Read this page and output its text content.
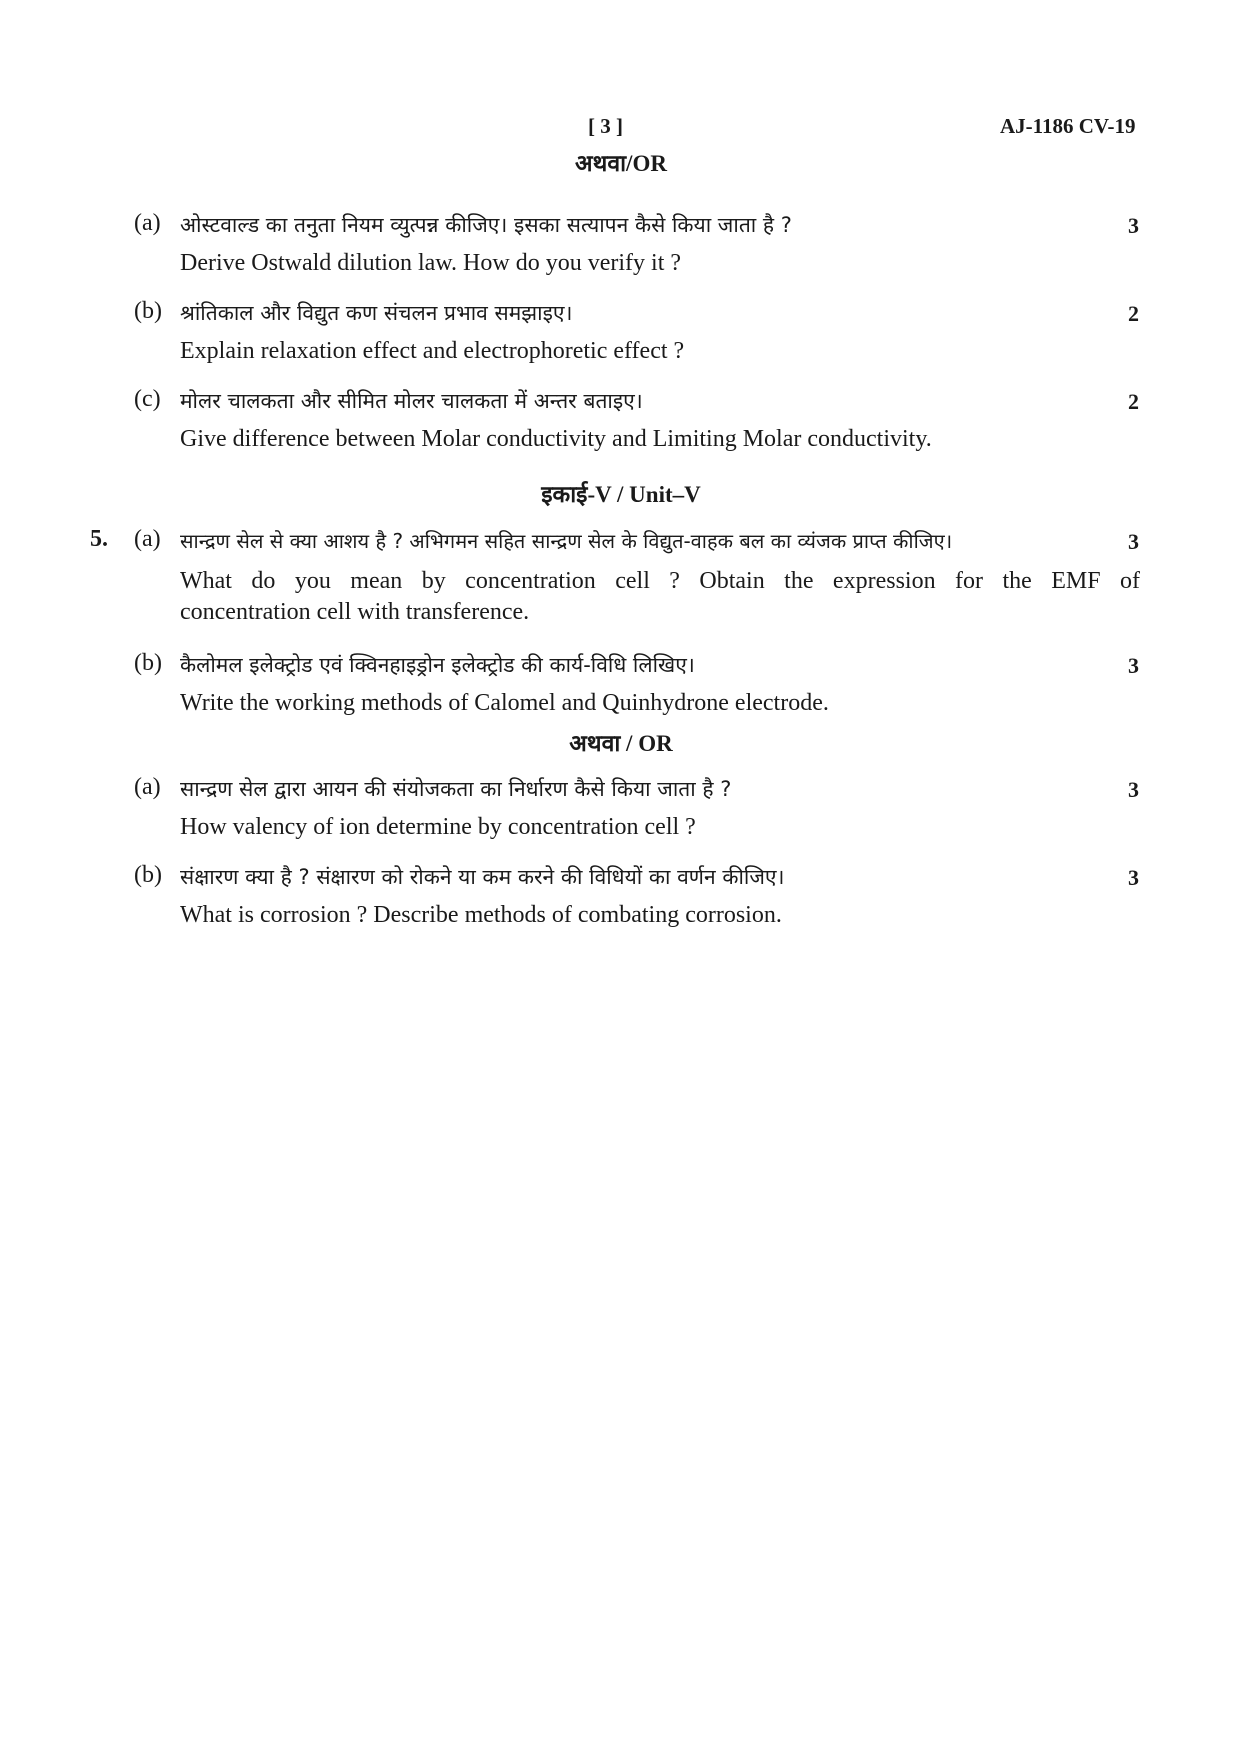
[ 3 ]	AJ-1186 CV-19
अथवा/OR
(a) ओस्टवाल्ड का तनुता नियम व्युत्पन्न कीजिए। इसका सत्यापन कैसे किया जाता है ?	3
Derive Ostwald dilution law. How do you verify it ?
(b) श्रांतिकाल और विद्युत कण संचलन प्रभाव समझाइए।	2
Explain relaxation effect and electrophoretic effect ?
(c) मोलर चालकता और सीमित मोलर चालकता में अन्तर बताइए।	2
Give difference between Molar conductivity and Limiting Molar conductivity.
इकाई-V / Unit–V
5. (a) सान्द्रण सेल से क्या आशय है ? अभिगमन सहित सान्द्रण सेल के विद्युत-वाहक बल का व्यंजक प्राप्त कीजिए।	3
What do you mean by concentration cell ? Obtain the expression for the EMF of
concentration cell with transference.
(b) कैलोमल इलेक्ट्रोड एवं क्विनहाइड्रोन इलेक्ट्रोड की कार्य-विधि लिखिए।	3
Write the working methods of Calomel and Quinhydrone electrode.
अथवा / OR
(a) सान्द्रण सेल द्वारा आयन की संयोजकता का निर्धारण कैसे किया जाता है ?	3
How valency of ion determine by concentration cell ?
(b) संक्षारण क्या है ? संक्षारण को रोकने या कम करने की विधियों का वर्णन कीजिए।	3
What is corrosion ? Describe methods of combating corrosion.
